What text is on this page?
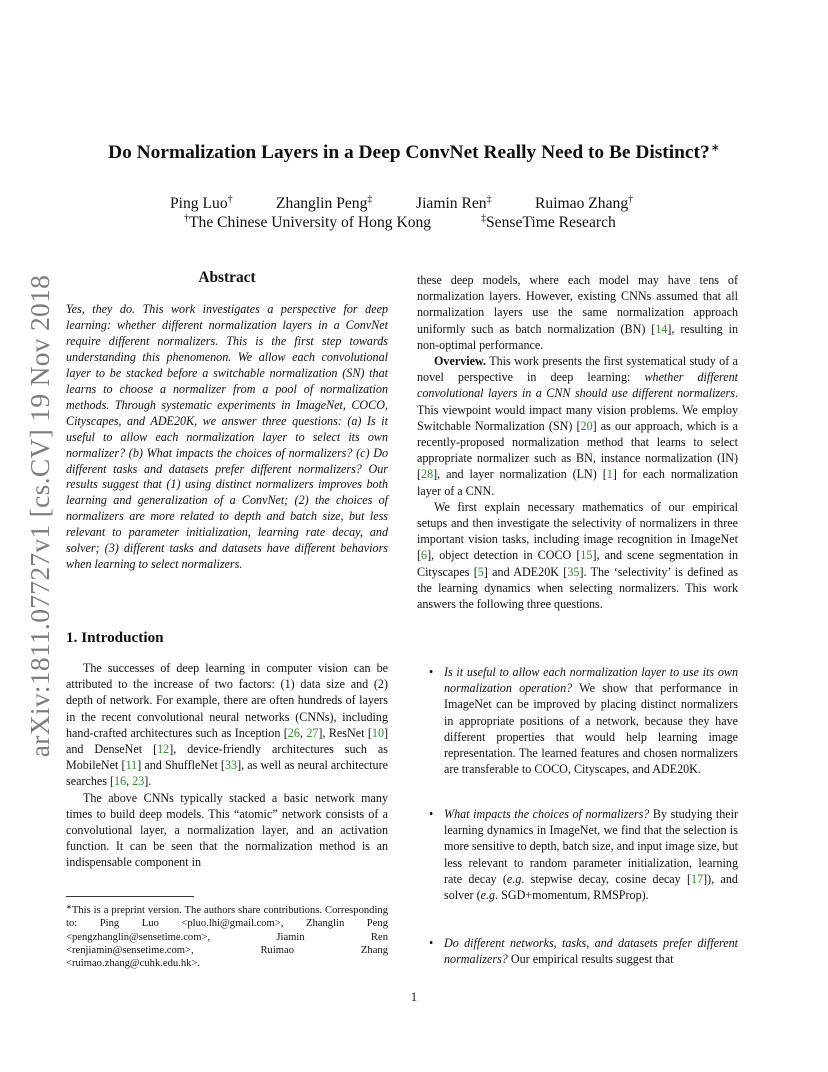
arXiv:1811.07727v1 [cs.CV] 19 Nov 2018
Do Normalization Layers in a Deep ConvNet Really Need to Be Distinct?∗
Ping Luo†	Zhanglin Peng‡	Jiamin Ren‡	Ruimao Zhang†
†The Chinese University of Hong Kong	‡SenseTime Research
Abstract

Yes, they do. This work investigates a perspective for deep learning: whether different normalization layers in a ConvNet require different normalizers. This is the first step towards understanding this phenomenon. We allow each convolutional layer to be stacked before a switchable normalization (SN) that learns to choose a normalizer from a pool of normalization methods. Through systematic experiments in ImageNet, COCO, Cityscapes, and ADE20K, we answer three questions: (a) Is it useful to allow each normalization layer to select its own normalizer? (b) What impacts the choices of normalizers? (c) Do different tasks and datasets prefer different normalizers? Our results suggest that (1) using distinct normalizers improves both learning and generalization of a ConvNet; (2) the choices of normalizers are more related to depth and batch size, but less relevant to parameter initialization, learning rate decay, and solver; (3) different tasks and datasets have different behaviors when learning to select normalizers.

1. Introduction

The successes of deep learning in computer vision can be attributed to the increase of two factors: (1) data size and (2) depth of network. For example, there are often hundreds of layers in the recent convolutional neural networks (CNNs), including hand-crafted architectures such as Inception [26, 27], ResNet [10] and DenseNet [12], device-friendly architectures such as MobileNet [11] and ShuffleNet [33], as well as neural architecture searches [16, 23].

The above CNNs typically stacked a basic network many times to build deep models. This “atomic” network consists of a convolutional layer, a normalization layer, and an activation function. It can be seen that the normalization method is an indispensable component in

∗This is a preprint version. The authors share contributions. Corresponding to: Ping Luo <pluo.lhi@gmail.com>, Zhanglin Peng <pengzhanglin@sensetime.com>, Jiamin Ren <renjiamin@sensetime.com>, Ruimao Zhang <ruimao.zhang@cuhk.edu.hk>.

these deep models, where each model may have tens of normalization layers. However, existing CNNs assumed that all normalization layers use the same normalization approach uniformly such as batch normalization (BN) [14], resulting in non-optimal performance.

Overview. This work presents the first systematical study of a novel perspective in deep learning: whether different convolutional layers in a CNN should use different normalizers. This viewpoint would impact many vision problems. We employ Switchable Normalization (SN) [20] as our approach, which is a recently-proposed normalization method that learns to select appropriate normalizer such as BN, instance normalization (IN) [28], and layer normalization (LN) [1] for each normalization layer of a CNN.

We first explain necessary mathematics of our empirical setups and then investigate the selectivity of normalizers in three important vision tasks, including image recognition in ImageNet [6], object detection in COCO [15], and scene segmentation in Cityscapes [5] and ADE20K [35]. The ‘selectivity’ is defined as the learning dynamics when selecting normalizers. This work answers the following three questions.

• Is it useful to allow each normalization layer to use its own normalization operation? We show that performance in ImageNet can be improved by placing distinct normalizers in appropriate positions of a network, because they have different properties that would help learning image representation. The learned features and chosen normalizers are transferable to COCO, Cityscapes, and ADE20K.
• What impacts the choices of normalizers? By studying their learning dynamics in ImageNet, we find that the selection is more sensitive to depth, batch size, and input image size, but less relevant to random parameter initialization, learning rate decay (e.g. stepwise decay, cosine decay [17]), and solver (e.g. SGD+momentum, RMSProp).
• Do different networks, tasks, and datasets prefer different normalizers? Our empirical results suggest that
1
